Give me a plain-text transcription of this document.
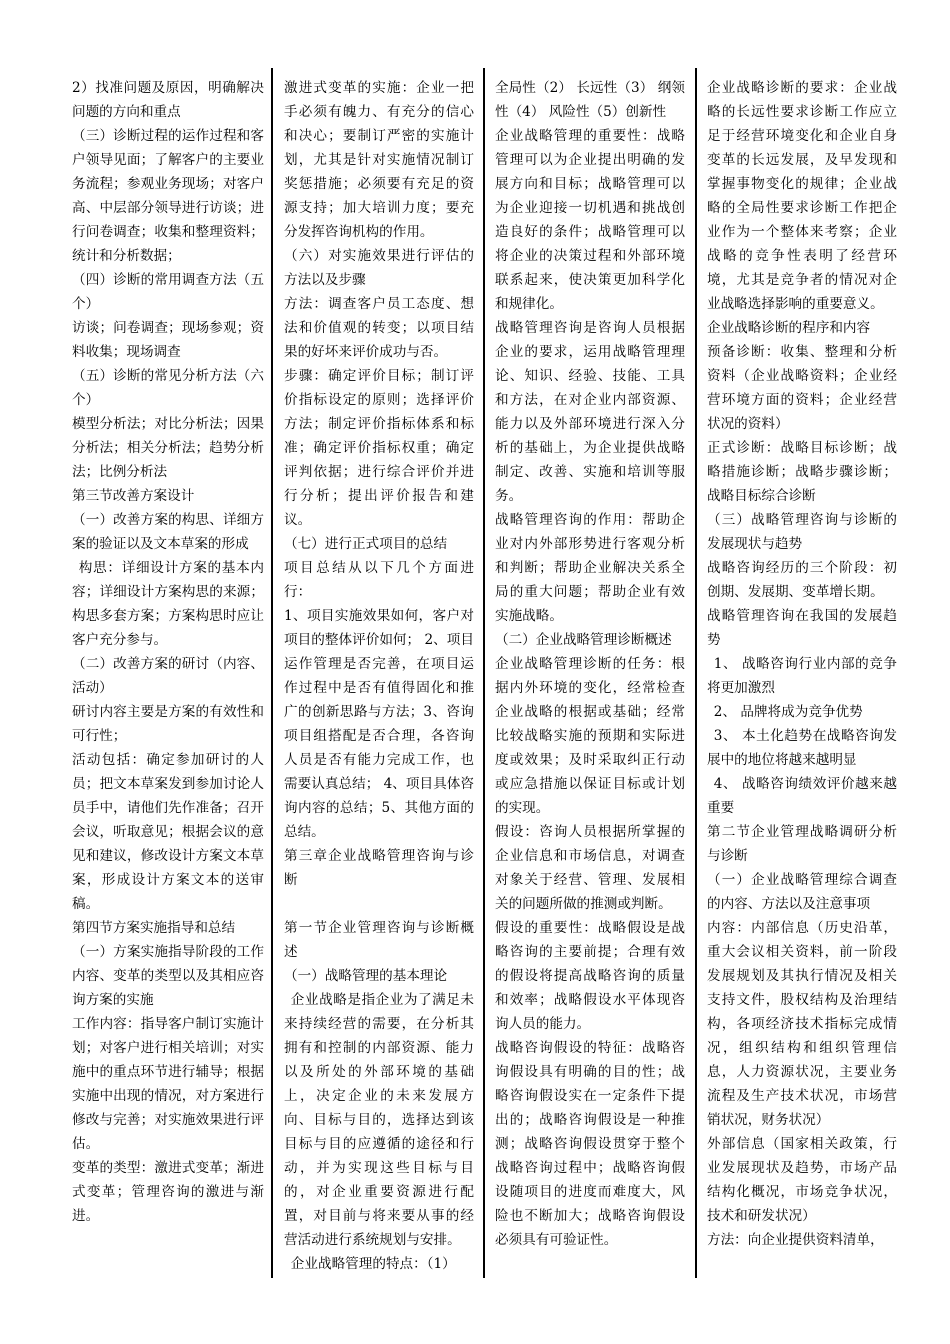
2）找准问题及原因，明确解决问题的方向和重点

（三）诊断过程的运作过程和客户领导见面；了解客户的主要业务流程；参观业务现场；对客户高、中层部分领导进行访谈；进行问卷调查；收集和整理资料；统计和分析数据；

（四）诊断的常用调查方法（五个）

访谈；问卷调查；现场参观；资料收集；现场调查

（五）诊断的常见分析方法（六个）

模型分析法；对比分析法；因果分析法；相关分析法；趋势分析法；比例分析法

第三节改善方案设计

（一）改善方案的构思、详细方案的验证以及文本草案的形成

构思：详细设计方案的基本内容；详细设计方案构思的来源；构思多套方案；方案构思时应让客户充分参与。

（二）改善方案的研讨（内容、活动）

研讨内容主要是方案的有效性和可行性；

活动包括：确定参加研讨的人员；把文本草案发到参加讨论人员手中，请他们先作准备；召开会议，听取意见；根据会议的意见和建议，修改设计方案文本草案，形成设计方案文本的送审稿。

第四节方案实施指导和总结

（一）方案实施指导阶段的工作内容、变革的类型以及其相应咨询方案的实施

工作内容：指导客户制订实施计划；对客户进行相关培训；对实施中的重点环节进行辅导；根据实施中出现的情况，对方案进行修改与完善；对实施效果进行评估。

变革的类型：激进式变革；渐进式变革；管理咨询的激进与渐进。

激进式变革的实施：企业一把手必须有魄力、有充分的信心和决心；要制订严密的实施计划，尤其是针对实施情况制订奖惩措施；必须要有充足的资源支持；加大培训力度；要充分发挥咨询机构的作用。

（六）对实施效果进行评估的方法以及步骤

方法：调查客户员工态度、想法和价值观的转变；以项目结果的好坏来评价成功与否。

步骤：确定评价目标；制订评价指标设定的原则；选择评价方法；制定评价指标体系和标准；确定评价指标权重；确定评判依据；进行综合评价并进行分析；提出评价报告和建议。

（七）进行正式项目的总结

项目总结从以下几个方面进行：

1、项目实施效果如何，客户对项目的整体评价如何； 2、项目运作管理是否完善，在项目运作过程中是否有值得固化和推广的创新思路与方法；3、咨询项目组搭配是否合理，各咨询人员是否有能力完成工作，也需要认真总结； 4、项目具体咨询内容的总结；5、其他方面的总结。

第三章企业战略管理咨询与诊断

第一节企业管理咨询与诊断概述

（一）战略管理的基本理论

企业战略是指企业为了满足未来持续经营的需要，在分析其拥有和控制的内部资源、能力以及所处的外部环境的基础上，决定企业的未来发展方向、目标与目的，选择达到该目标与目的应遵循的途径和行动，并为实现这些目标与目的，对企业重要资源进行配置，对目前与将来要从事的经营活动进行系统规划与安排。

企业战略管理的特点：（1）

全局性（2） 长远性（3） 纲领性（4） 风险性（5）创新性

企业战略管理的重要性：战略管理可以为企业提出明确的发展方向和目标；战略管理可以为企业迎接一切机遇和挑战创造良好的条件；战略管理可以将企业的决策过程和外部环境联系起来，使决策更加科学化和规律化。

战略管理咨询是咨询人员根据企业的要求，运用战略管理理论、知识、经验、技能、工具和方法，在对企业内部资源、能力以及外部环境进行深入分析的基础上，为企业提供战略制定、改善、实施和培训等服务。

战略管理咨询的作用：帮助企业对内外部形势进行客观分析和判断；帮助企业解决关系全局的重大问题；帮助企业有效实施战略。

（二）企业战略管理诊断概述

企业战略管理诊断的任务：根据内外环境的变化，经常检查企业战略的根据或基础；经常比较战略实施的预期和实际进度或效果；及时采取纠正行动或应急措施以保证目标或计划的实现。

假设：咨询人员根据所掌握的企业信息和市场信息，对调查对象关于经营、管理、发展相关的问题所做的推测或判断。

假设的重要性：战略假设是战略咨询的主要前提；合理有效的假设将提高战略咨询的质量和效率；战略假设水平体现咨询人员的能力。

战略咨询假设的特征：战略咨询假设具有明确的目的性；战略咨询假设实在一定条件下提出的；战略咨询假设是一种推测；战略咨询假设贯穿于整个战略咨询过程中；战略咨询假设随项目的进度而难度大，风险也不断加大；战略咨询假设必须具有可验证性。

企业战略诊断的要求：企业战略的长远性要求诊断工作应立足于经营环境变化和企业自身变革的长远发展，及早发现和掌握事物变化的规律；企业战略的全局性要求诊断工作把企业作为一个整体来考察；企业战略的竞争性表明了经营环境，尤其是竞争者的情况对企业战略选择影响的重要意义。

企业战略诊断的程序和内容

预备诊断：收集、整理和分析资料（企业战略资料；企业经营环境方面的资料；企业经营状况的资料）

正式诊断：战略目标诊断；战略措施诊断；战略步骤诊断；战略目标综合诊断

（三）战略管理咨询与诊断的发展现状与趋势

战略咨询经历的三个阶段：初创期、发展期、变革增长期。

战略管理咨询在我国的发展趋势

1、 战略咨询行业内部的竞争将更加激烈

2、 品牌将成为竞争优势

3、 本土化趋势在战略咨询发展中的地位将越来越明显

4、 战略咨询绩效评价越来越重要

第二节企业管理战略调研分析与诊断

（一）企业战略管理综合调查的内容、方法以及注意事项

内容：内部信息（历史沿革，重大会议相关资料，前一阶段发展规划及其执行情况及相关支持文件，股权结构及治理结构，各项经济技术指标完成情况，组织结构和组织管理信息，人力资源状况，主要业务流程及生产技术状况，市场营销状况，财务状况）

外部信息（国家相关政策，行业发展现状及趋势，市场产品结构化概况，市场竞争状况，技术和研发状况）

方法：向企业提供资料清单，
